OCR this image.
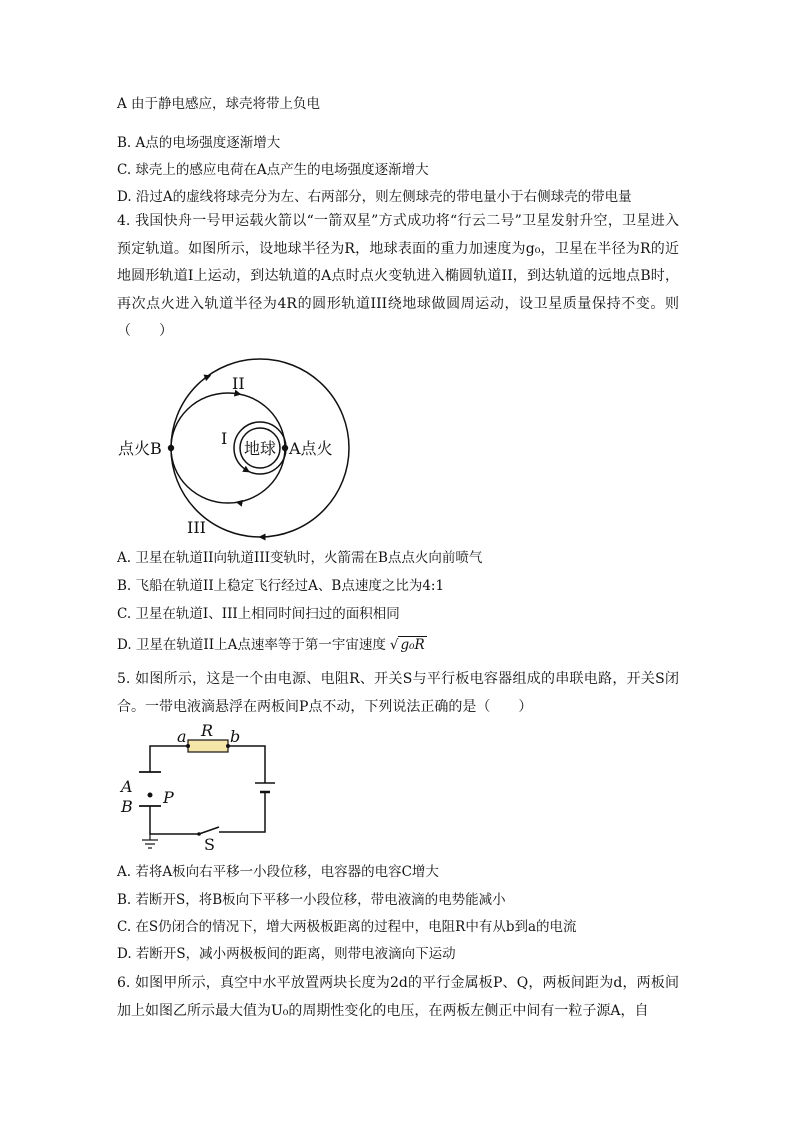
A 由于静电感应，球壳将带上负电
B. A点的电场强度逐渐增大
C. 球壳上的感应电荷在A点产生的电场强度逐渐增大
D. 沿过A的虚线将球壳分为左、右两部分，则左侧球壳的带电量小于右侧球壳的带电量
4. 我国快舟一号甲运载火箭以“一箭双星”方式成功将“行云二号”卫星发射升空，卫星进入预定轨道。如图所示，设地球半径为R，地球表面的重力加速度为g₀，卫星在半径为R的近地圆形轨道I上运动，到达轨道的A点时点火变轨进入椭圆轨道II，到达轨道的远地点B时，再次点火进入轨道半径为4R的圆形轨道III绕地球做圆周运动，设卫星质量保持不变。则（　　）
II
I
III
地球 A点火
点火B
A. 卫星在轨道II向轨道III变轨时，火箭需在B点点火向前喷气
B. 飞船在轨道II上稳定飞行经过A、B点速度之比为4:1
C. 卫星在轨道I、III上相同时间扫过的面积相同
D. 卫星在轨道II上A点速率等于第一宇宙速度 √ g₀R
5. 如图所示，这是一个由电源、电阻R、开关S与平行板电容器组成的串联电路，开关S闭合。一带电液滴悬浮在两板间P点不动，下列说法正确的是（　　）
a R b
A
B P
S
A. 若将A板向右平移一小段位移，电容器的电容C增大
B. 若断开S，将B板向下平移一小段位移，带电液滴的电势能减小
C. 在S仍闭合的情况下，增大两极板距离的过程中，电阻R中有从b到a的电流
D. 若断开S，减小两极板间的距离，则带电液滴向下运动
6. 如图甲所示，真空中水平放置两块长度为2d的平行金属板P、Q，两板间距为d，两板间加上如图乙所示最大值为U₀的周期性变化的电压，在两板左侧正中间有一粒子源A，自
